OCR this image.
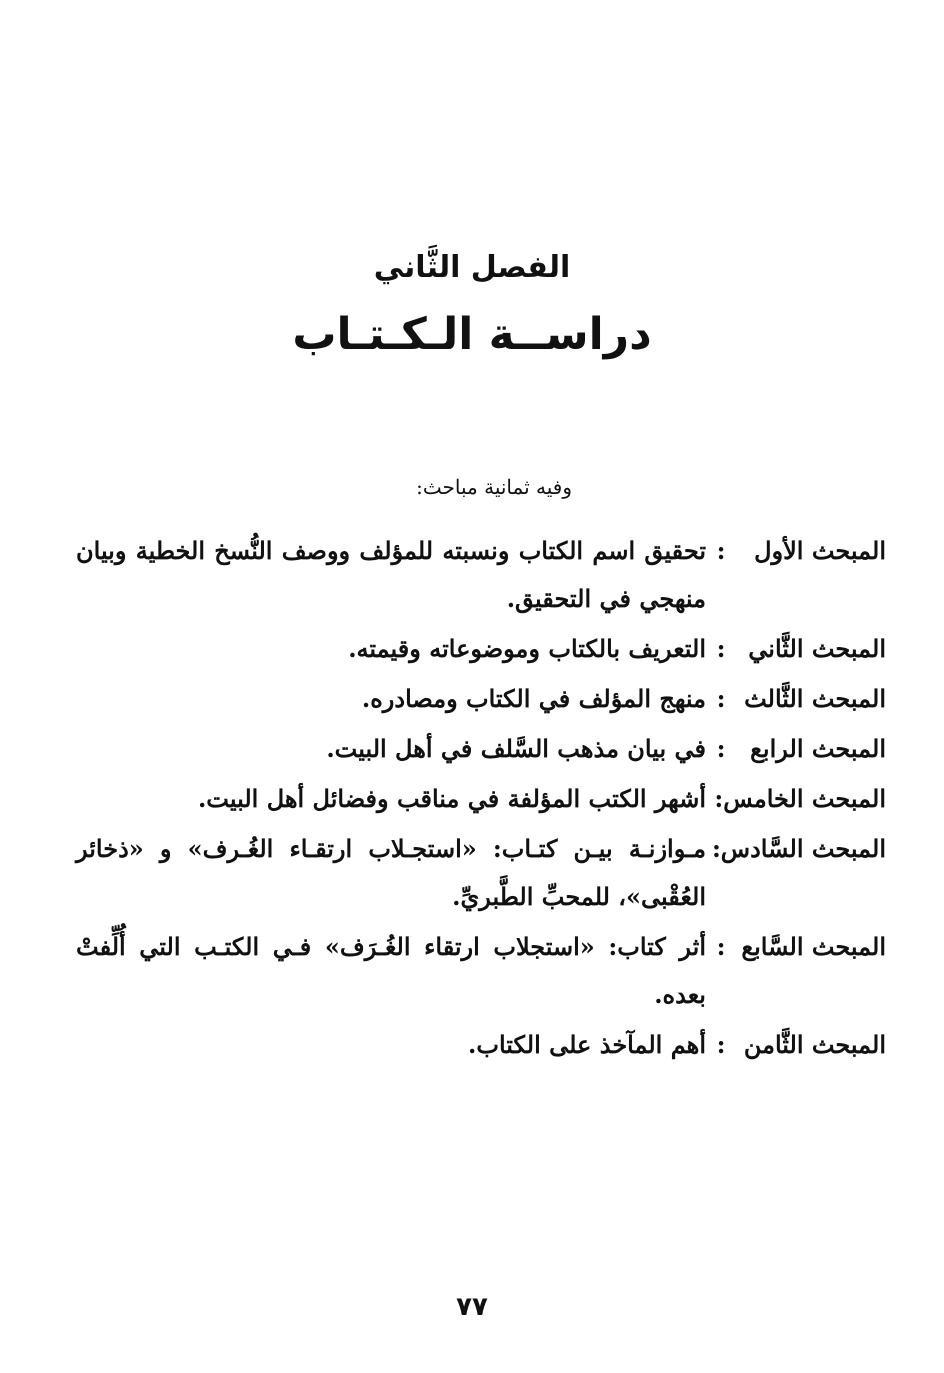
الفصل الثَّاني
دراســة الـكـتـاب
وفيه ثمانية مباحث:
المبحث الأول
:
تحقيق اسم الكتاب ونسبته للمؤلف ووصف النُّسخ الخطية وبيان منهجي في التحقيق.
المبحث الثَّاني
:
التعريف بالكتاب وموضوعاته وقيمته.
المبحث الثَّالث
:
منهج المؤلف في الكتاب ومصادره.
المبحث الرابع
:
في بيان مذهب السَّلف في أهل البيت.
المبحث الخامس:
أشهر الكتب المؤلفة في مناقب وفضائل أهل البيت.
المبحث السَّادس:
مـوازنـة بيـن كتـاب: «استجـلاب ارتقـاء الغُـرف» و «ذخائر العُقْبى»، للمحبِّ الطَّبريِّ.
المبحث السَّابع
:
أثر كتاب: «استجلاب ارتقاء الغُـرَف» فـي الكتـب التي أُلِّفتْ بعده.
المبحث الثَّامن
:
أهم المآخذ على الكتاب.
٧٧
